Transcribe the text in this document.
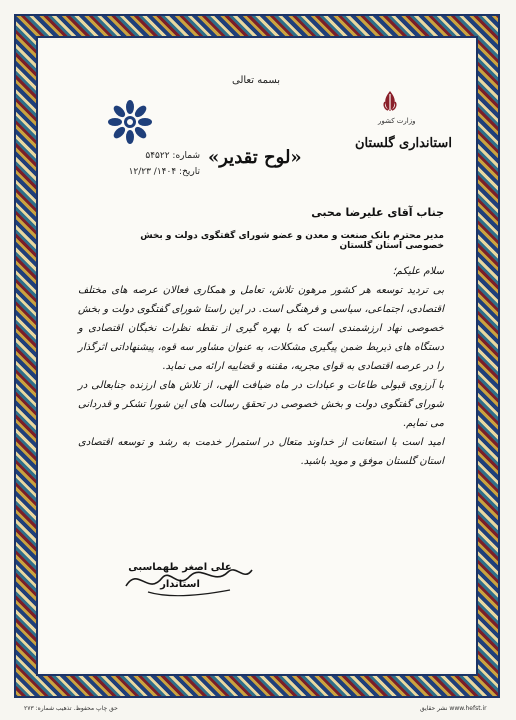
بسمه تعالی
وزارت کشور
استانداری گلستان
شماره: ۵۴۵۲۲
تاریخ: ۱۴۰۴/ ۱۲/۲۳
«لوح تقدیر»
جناب آقای علیرضا محبی
مدیر محترم بانک صنعت و معدن و عضو شورای گفتگوی دولت و بخش خصوصی استان گلستان

سلام علیکم؛

بی تردید توسعه هر کشور مرهون تلاش، تعامل و همکاری فعالان عرصه های مختلف اقتصادی، اجتماعی، سیاسی و فرهنگی است. در این راستا شورای گفتگوی دولت و بخش خصوصی نهاد ارزشمندی است که با بهره گیری از نقطه نظرات نخبگان اقتصادی و دستگاه های ذیربط ضمن پیگیری مشکلات، به عنوان مشاور سه قوه، پیشنهاداتی اثرگذار را در عرصه اقتصادی به قوای مجریه، مقننه و قضاییه ارائه می نماید.

با آرزوی قبولی طاعات و عبادات در ماه ضیافت الهی، از تلاش های ارزنده جنابعالی در شورای گفتگوی دولت و بخش خصوصی در تحقق رسالت های این شورا تشکر و قدردانی می نمایم.

امید است با استعانت از خداوند متعال در استمرار خدمت به رشد و توسعه اقتصادی استان گلستان موفق و موید باشید.

علی اصغر طهماسبی
استاندار
حق چاپ محفوظ. تذهیب شماره: ۲۷۳	www.hefst.ir نشر حقایق
